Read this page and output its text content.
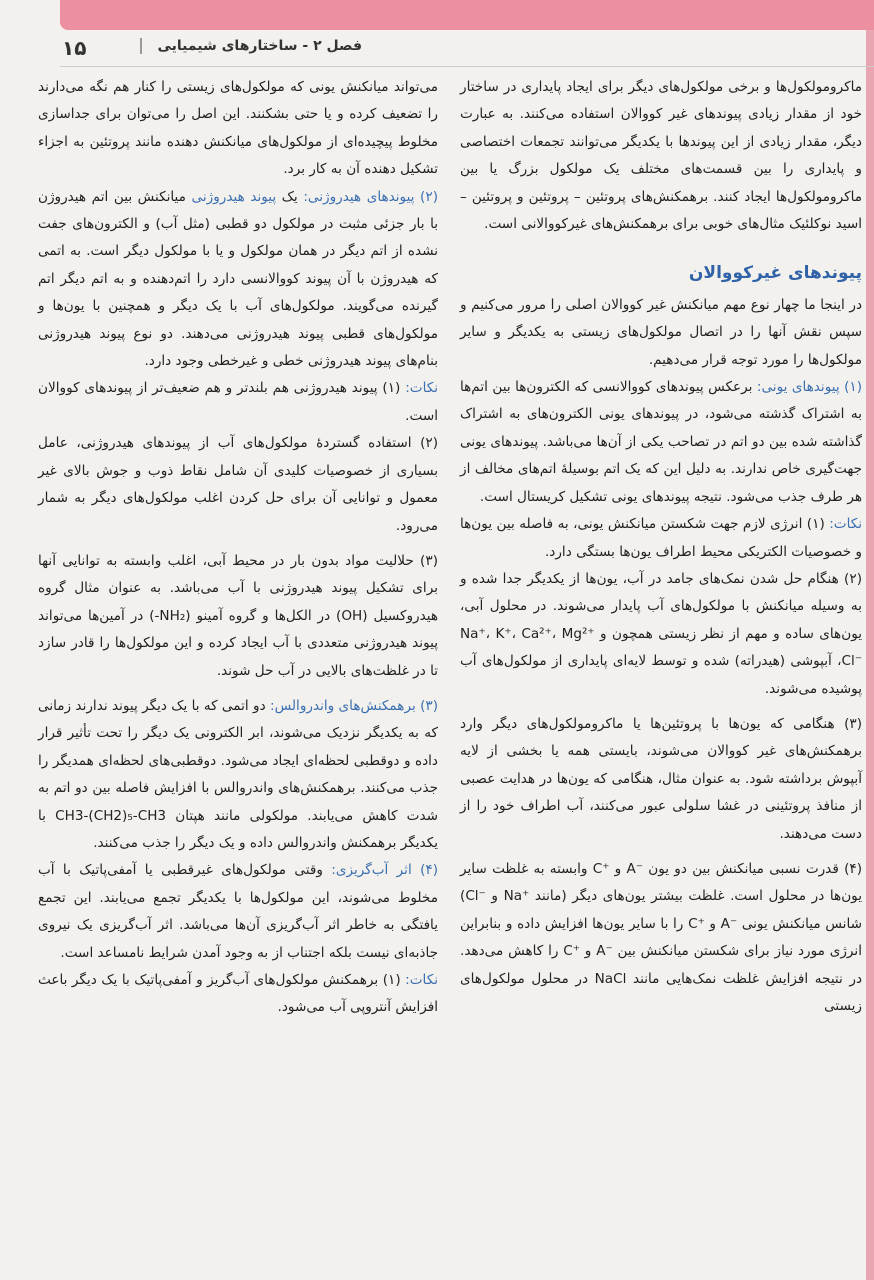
۱۵	فصل ۲ - ساختارهای شیمیایی

ماکرومولکول‌ها و برخی مولکول‌های دیگر برای ایجاد پایداری در ساختار خود از مقدار زیادی پیوندهای غیر کووالان استفاده می‌کنند. به عبارت دیگر، مقدار زیادی از این پیوندها با یکدیگر می‌توانند تجمعات اختصاصی و پایداری را بین قسمت‌های مختلف یک مولکول بزرگ یا بین ماکرومولکول‌ها ایجاد کنند. برهمکنش‌های پروتئین – پروتئین و پروتئین – اسید نوکلئیک مثال‌های خوبی برای برهمکنش‌های غیرکووالانی است.

پیوندهای غیرکووالان

در اینجا ما چهار نوع مهم میانکنش غیر کووالان اصلی را مرور می‌کنیم و سپس نقش آنها را در اتصال مولکول‌های زیستی به یکدیگر و سایر مولکول‌ها را مورد توجه قرار می‌دهیم.

(۱) پیوندهای یونی: برعکس پیوندهای کووالانسی که الکترون‌ها بین اتم‌ها به اشتراک گذشته می‌شود، در پیوندهای یونی الکترون‌های به اشتراک گذاشته شده بین دو اتم در تصاحب یکی از آن‌ها می‌باشد. پیوندهای یونی جهت‌گیری خاص ندارند. به دلیل این که یک اتم بوسیلهٔ اتم‌های مخالف از هر طرف جذب می‌شود. نتیجه پیوندهای یونی تشکیل کریستال است.

نکات: (۱) انرژی لازم جهت شکستن میانکنش یونی، به فاصله بین یون‌ها و خصوصیات الکتریکی محیط اطراف یون‌ها بستگی دارد.

(۲) هنگام حل شدن نمک‌های جامد در آب، یون‌ها از یکدیگر جدا شده و به وسیله میانکنش با مولکول‌های آب پایدار می‌شوند. در محلول آبی، یون‌های ساده و مهم از نظر زیستی همچون Na⁺، K⁺، Ca²⁺، Mg²⁺ و Cl⁻، آبپوشی (هیدراته) شده و توسط لایه‌ای پایداری از مولکول‌های آب پوشیده می‌شوند.

(۳) هنگامی که یون‌ها با پروتئین‌ها یا ماکرومولکول‌های دیگر وارد برهمکنش‌های غیر کووالان می‌شوند، بایستی همه یا بخشی از لایه آبپوش برداشته شود. به عنوان مثال، هنگامی که یون‌ها در هدایت عصبی از منافذ پروتئینی در غشا سلولی عبور می‌کنند، آب اطراف خود را از دست می‌دهند.

(۴) قدرت نسبی میانکنش بین دو یون ⁻A و ⁺C وابسته به غلظت سایر یون‌ها در محلول است. غلظت بیشتر یون‌های دیگر (مانند ⁺Na و ⁻Cl) شانس میانکنش یونی ⁻A و ⁺C را با سایر یون‌ها افزایش داده و بنابراین انرژی مورد نیاز برای شکستن میانکنش بین ⁻A و ⁺C را کاهش می‌دهد. در نتیجه افزایش غلظت نمک‌هایی مانند NaCl در محلول مولکول‌های زیستی

می‌تواند میانکنش یونی که مولکول‌های زیستی را کنار هم نگه می‌دارند را تضعیف کرده و یا حتی بشکنند. این اصل را می‌توان برای جداسازی مخلوط پیچیده‌ای از مولکول‌های میانکنش دهنده مانند پروتئین به اجزاء تشکیل دهنده آن به کار برد.

(۲) پیوندهای هیدروژنی: یک پیوند هیدروژنی میانکنش بین اتم هیدروژن با بار جزئی مثبت در مولکول دو قطبی (مثل آب) و الکترون‌های جفت نشده از اتم دیگر در همان مولکول و یا با مولکول دیگر است. به اتمی که هیدروژن با آن پیوند کووالانسی دارد را اتم‌دهنده و به اتم دیگر اتم گیرنده می‌گویند. مولکول‌های آب با یک دیگر و همچنین با یون‌ها و مولکول‌های قطبی پیوند هیدروژنی می‌دهند. دو نوع پیوند هیدروژنی بنام‌های پیوند هیدروژنی خطی و غیرخطی وجود دارد.

نکات: (۱) پیوند هیدروژنی هم بلندتر و هم ضعیف‌تر از پیوندهای کووالان است.

(۲) استفاده گستردهٔ مولکول‌های آب از پیوندهای هیدروژنی، عامل بسیاری از خصوصیات کلیدی آن شامل نقاط ذوب و جوش بالای غیر معمول و توانایی آن برای حل کردن اغلب مولکول‌های دیگر به شمار می‌رود.

(۳) حلالیت مواد بدون بار در محیط آبی، اغلب وابسته به توانایی آنها برای تشکیل پیوند هیدروژنی با آب می‌باشد. به عنوان مثال گروه هیدروکسیل (OH) در الکل‌ها و گروه آمینو (NH₂-) در آمین‌ها می‌تواند پیوند هیدروژنی متعددی با آب ایجاد کرده و این مولکول‌ها را قادر سازد تا در غلظت‌های بالایی در آب حل شوند.

(۳) برهمکنش‌های واندروالس: دو اتمی که با یک دیگر پیوند ندارند زمانی که به یکدیگر نزدیک می‌شوند، ابر الکترونی یک دیگر را تحت تأثیر قرار داده و دوقطبی لحظه‌ای ایجاد می‌شود. دوقطبی‌های لحظه‌ای همدیگر را جذب می‌کنند. برهمکنش‌های واندروالس با افزایش فاصله بین دو اتم به شدت کاهش می‌یابند. مولکولی مانند هپتان CH3-(CH2)₅-CH3 با یکدیگر برهمکنش واندروالس داده و یک دیگر را جذب می‌کنند.

(۴) اثر آب‌گریزی: وقتی مولکول‌های غیرقطبی یا آمفی‌پاتیک با آب مخلوط می‌شوند، این مولکول‌ها با یکدیگر تجمع می‌یابند. این تجمع یافتگی به خاطر اثر آب‌گریزی آن‌ها می‌باشد. اثر آب‌گریزی یک نیروی جاذبه‌ای نیست بلکه اجتناب از به وجود آمدن شرایط نامساعد است.

نکات: (۱) برهمکنش مولکول‌های آب‌گریز و آمفی‌پاتیک با یک دیگر باعث افزایش آنتروپی آب می‌شود.
